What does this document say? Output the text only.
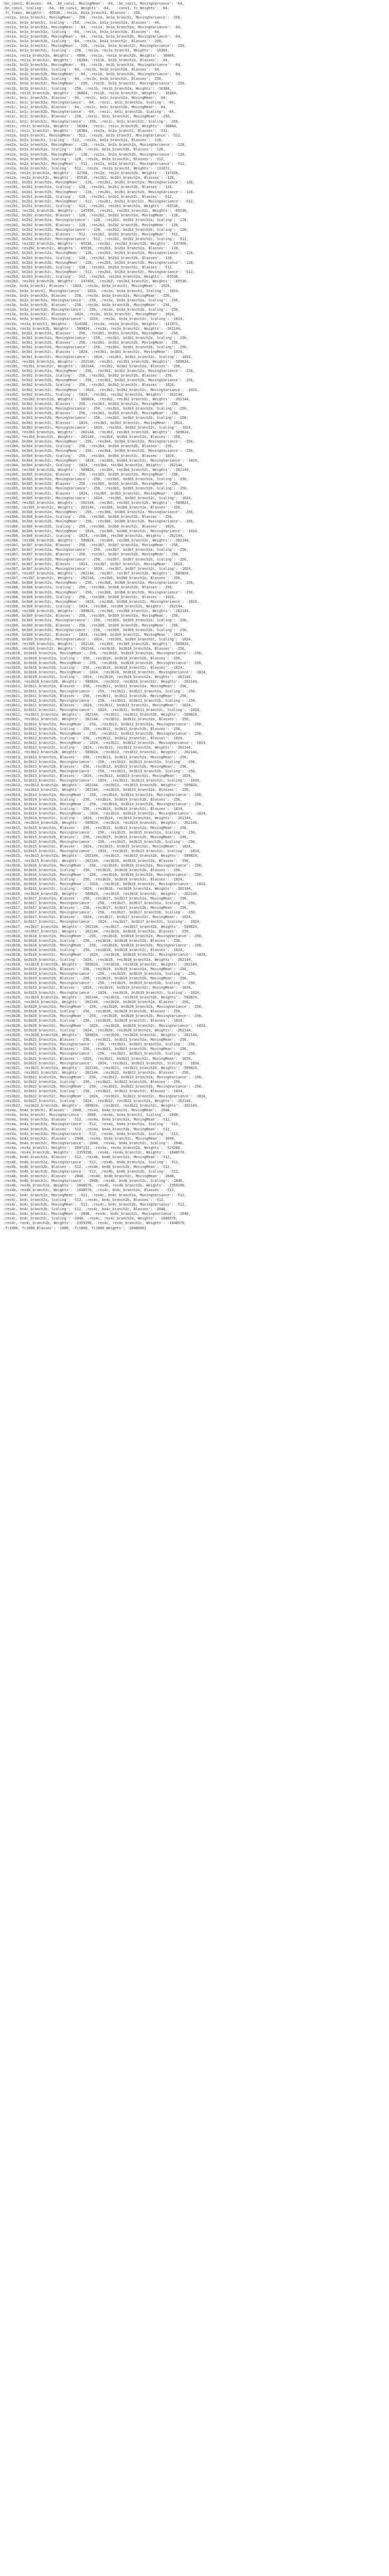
(bn_conv1, Blasses: -64, :bn_conv1, MovingMean': -64, :bn_conv1, MovingVariance': -64,
:bn_conv1, Scaling': -64, :bn_conv1, Weights': -64,   :conv1, fc_Weights': -64,
:fc_fcmax, Weights': -60536, :res1a, bn1a_branch1, Blasses': -256,
:res1a, bn1a_branch1, MovingMean': -256, :res1a, bn1a_branch1, MovingVariance': -256,
:res1a, bn1a_branch1, Scaling': -256, :res1a, bn1a_branch2a, Blasses': -64,
:res1a, bn1a_branch2a, MovingMean': -64, :res1a, bn1a_branch2a, MovingVariance': -64,
:res1a, bn1a_branch2a, Scaling': -64, :res1a, bn1a_branch2b, Blasses': -64,
:res1a, bn1a_branch2b, MovingMean': -64, :res1a, bn1a_branch2b, MovingVariance': -64,
:res1a, bn1a_branch2b, Scaling': -64, :res1a, bn1a_branch2c, Blasses': -256,
:res1a, bn1a_branch2c, MovingMean': -256, :res1a, bn1a_branch2c, MovingVariance': -256,
:res1a, bn1a_branch2c, Scaling': -256, :res1a, res1a_branch1, Weights': -16384,
:res1a, res1a_branch2a, Weights': -4096, :res1a, res1a_branch2b, Weights': -36864,
:res1a, res1a_branch2c, Weights': -16384, :res1b, bn1b_branch2a, Blasses': -64,
:res1b, bn1b_branch2a, MovingMean': -64, :res1b, bn1b_branch2a, MovingVariance': -64,
:res1b, bn1b_branch2a, Scaling': -64, :res1b, bn1b_branch2b, Blasses': -64,
:res1b, bn1b_branch2b, MovingMean': -64, :res1b, bn1b_branch2b, MovingVariance': -64,
:res1b, bn1b_branch2b, Scaling': -64, :res1b, bn1b_branch2c, Blasses': -256,
:res1b, bn1b_branch2c, MovingMean': -256, :res1b, bn1b_branch2c, MovingVariance': -256,
:res1b, bn1b_branch2c, Scaling': -256, :res1b, res1b_branch2a, Weights': -16384,
:res1b, res1b_branch2b, Weights': -36864, :res1b, res1b_branch2c, Weights': -16384,
:res1c, bn1c_branch2a, Blasses': -64, :res1c, bn1c_branch2a, MovingMean': -64,
:res1c, bn1c_branch2a, MovingVariance': -64, :res1c, bn1c_branch2a, Scaling': -64,
:res1c, bn1c_branch2b, Blasses': -64, :res1c, bn1c_branch2b, MovingMean': -64,
:res1c, bn1c_branch2b, MovingVariance': -64, :res1c, bn1c_branch2b, Scaling': -64,
:res1c, bn1c_branch2c, Blasses': -256, :res1c, bn1c_branch2c, MovingMean': -256,
:res1c, bn1c_branch2c, MovingVariance': -256, :res1c, bn1c_branch2c, Scaling': -256,
:res1c, res1c_branch2a, Weights': -16384, :res1c, res1c_branch2b, Weights': -36864,
:res1c, res1c_branch2c, Weights': -16384, :res2a, bn2a_branch1, Blasses': -512,
:res2a, bn2a_branch1, MovingMean': -512, :res2a, bn2a_branch1, MovingVariance': -512,
:res2a, bn2a_branch1, Scaling': -512, :res2a, bn2a_branch2a, Blasses': -128,
:res2a, bn2a_branch2a, MovingMean': -128, :res2a, bn2a_branch2a, MovingVariance': -128,
:res2a, bn2a_branch2a, Scaling': -128, :res2a, bn2a_branch2b, Blasses': -128,
:res2a, bn2a_branch2b, MovingMean': -128, :res2a, bn2a_branch2b, MovingVariance': -128,
:res2a, bn2a_branch2b, Scaling': -128, :res2a, bn2a_branch2c, Blasses': -512,
:res2a, bn2a_branch2c, MovingMean': -512, :res2a, bn2a_branch2c, MovingVariance': -512,
:res2a, bn2a_branch2c, Scaling': -512, :res2a, res2a_branch1, Weights': -131072,
:res2a, res2a_branch2a, Weights': -32768, :res2a, res2a_branch2b, Weights': -147456,
:res2a, res2a_branch2c, Weights': -65536, :res2b1, bn2b1_branch2a, Blasses': -128,
:res2b1, bn2b1_branch2a, MovingMean': -128, :res2b1, bn2b1_branch2a, MovingVariance': -128,
:res2b1, bn2b1_branch2a, Scaling': -128, :res2b1, bn2b1_branch2b, Blasses': -128,
:res2b1, bn2b1_branch2b, MovingMean': -128, :res2b1, bn2b1_branch2b, MovingVariance': -128,
:res2b1, bn2b1_branch2b, Scaling': -128, :res2b1, bn2b1_branch2c, Blasses': -512,
:res2b1, bn2b1_branch2c, MovingMean': -512, :res2b1, bn2b1_branch2c, MovingVariance': -512,
:res2b1, bn2b1_branch2c, Scaling': -512, :res2b1, res2b1_branch2a, Weights': -65536,
:res2b1, res2b1_branch2b, Weights': -147456, :res2b1, res2b1_branch2c, Weights': -65536,
:res2b2, bn2b2_branch2a, Blasses': -128, :res2b2, bn2b2_branch2a, MovingMean': -128,
:res2b2, bn2b2_branch2a, MovingVariance': -128, :res2b2, bn2b2_branch2a, Scaling': -128,
:res2b2, bn2b2_branch2b, Blasses': -128, :res2b2, bn2b2_branch2b, MovingMean': -128,
:res2b2, bn2b2_branch2b, MovingVariance': -128, :res2b2, bn2b2_branch2b, Scaling': -128,
:res2b2, bn2b2_branch2c, Blasses': -512, :res2b2, bn2b2_branch2c, MovingMean': -512,
:res2b2, bn2b2_branch2c, MovingVariance': -512, :res2b2, bn2b2_branch2c, Scaling': -512,
:res2b2, res2b2_branch2a, Weights': -65536, :res2b2, res2b2_branch2b, Weights': -147456,
:res2b2, res2b2_branch2c, Weights': -65536, :res2b3, bn2b3_branch2a, Blasses': -128,
:res2b3, bn2b3_branch2a, MovingMean': -128, :res2b3, bn2b3_branch2a, MovingVariance': -128,
:res2b3, bn2b3_branch2a, Scaling': -128, :res2b3, bn2b3_branch2b, Blasses': -128,
:res2b3, bn2b3_branch2b, MovingMean': -128, :res2b3, bn2b3_branch2b, MovingVariance': -128,
:res2b3, bn2b3_branch2b, Scaling': -128, :res2b3, bn2b3_branch2c, Blasses': -512,
:res2b3, bn2b3_branch2c, MovingMean': -512, :res2b3, bn2b3_branch2c, MovingVariance': -512,
:res2b3, bn2b3_branch2c, Scaling': -512, :res2b3, res2b3_branch2a, Weights': -65536,
:res2b3, res2b3_branch2b, Weights': -147456, :res2b3, res2b3_branch2c, Weights': -65536,
:res3a, bn3a_branch1, Blasses': -1024, :res3a, bn3a_branch1, MovingMean': -1024,
:res3a, bn3a_branch1, MovingVariance': -1024, :res3a, bn3a_branch1, Scaling': -1024,
:res3a, bn3a_branch2a, Blasses': -256, :res3a, bn3a_branch2a, MovingMean': -256,
:res3a, bn3a_branch2a, MovingVariance': -256, :res3a, bn3a_branch2a, Scaling': -256,
:res3a, bn3a_branch2b, Blasses': -256, :res3a, bn3a_branch2b, MovingMean': -256,
:res3a, bn3a_branch2b, MovingVariance': -256, :res3a, bn3a_branch2b, Scaling': -256,
:res3a, bn3a_branch2c, Blasses': -1024, :res3a, bn3a_branch2c, MovingMean': -1024,
:res3a, bn3a_branch2c, MovingVariance': -1024, :res3a, bn3a_branch2c, Scaling': -1024,
:res3a, res3a_branch1, Weights': -524288, :res3a, res3a_branch2a, Weights': -131072,
:res3a, res3a_branch2b, Weights': -589824, :res3a, res3a_branch2c, Weights': -262144,
:res3b1, bn3b1_branch2a, Blasses': -256, :res3b1, bn3b1_branch2a, MovingMean': -256,
:res3b1, bn3b1_branch2a, MovingVariance': -256, :res3b1, bn3b1_branch2a, Scaling': -256,
:res3b1, bn3b1_branch2b, Blasses': -256, :res3b1, bn3b1_branch2b, MovingMean': -256,
:res3b1, bn3b1_branch2b, MovingVariance': -256, :res3b1, bn3b1_branch2b, Scaling': -256,
:res3b1, bn3b1_branch2c, Blasses': -1024, :res3b1, bn3b1_branch2c, MovingMean': -1024,
:res3b1, bn3b1_branch2c, MovingVariance': -1024, :res3b1, bn3b1_branch2c, Scaling': -1024,
:res3b1, res3b1_branch2a, Weights': -262144, :res3b1, res3b1_branch2b, Weights': -589824,
:res3b1, res3b1_branch2c, Weights': -262144, :res3b2, bn3b2_branch2a, Blasses': -256,
:res3b2, bn3b2_branch2a, MovingMean': -256, :res3b2, bn3b2_branch2a, MovingVariance': -256,
:res3b2, bn3b2_branch2a, Scaling': -256, :res3b2, bn3b2_branch2b, Blasses': -256,
:res3b2, bn3b2_branch2b, MovingMean': -256, :res3b2, bn3b2_branch2b, MovingVariance': -256,
:res3b2, bn3b2_branch2b, Scaling': -256, :res3b2, bn3b2_branch2c, Blasses': -1024,
:res3b2, bn3b2_branch2c, MovingMean': -1024, :res3b2, bn3b2_branch2c, MovingVariance': -1024,
:res3b2, bn3b2_branch2c, Scaling': -1024, :res3b2, res3b2_branch2a, Weights': -262144,
:res3b2, res3b2_branch2b, Weights': -589824, :res3b2, res3b2_branch2c, Weights': -262144,
:res3b3, bn3b3_branch2a, Blasses': -256, :res3b3, bn3b3_branch2a, MovingMean': -256,
:res3b3, bn3b3_branch2a, MovingVariance': -256, :res3b3, bn3b3_branch2a, Scaling': -256,
:res3b3, bn3b3_branch2b, Blasses': -256, :res3b3, bn3b3_branch2b, MovingMean': -256,
:res3b3, bn3b3_branch2b, MovingVariance': -256, :res3b3, bn3b3_branch2b, Scaling': -256,
:res3b3, bn3b3_branch2c, Blasses': -1024, :res3b3, bn3b3_branch2c, MovingMean': -1024,
:res3b3, bn3b3_branch2c, MovingVariance': -1024, :res3b3, bn3b3_branch2c, Scaling': -1024,
:res3b3, res3b3_branch2a, Weights': -262144, :res3b3, res3b3_branch2b, Weights': -589824,
:res3b3, res3b3_branch2c, Weights': -262144, :res3b4, bn3b4_branch2a, Blasses': -256,
:res3b4, bn3b4_branch2a, MovingMean': -256, :res3b4, bn3b4_branch2a, MovingVariance': -256,
:res3b4, bn3b4_branch2a, Scaling': -256, :res3b4, bn3b4_branch2b, Blasses': -256,
:res3b4, bn3b4_branch2b, MovingMean': -256, :res3b4, bn3b4_branch2b, MovingVariance': -256,
:res3b4, bn3b4_branch2b, Scaling': -256, :res3b4, bn3b4_branch2c, Blasses': -1024,
:res3b4, bn3b4_branch2c, MovingMean': -1024, :res3b4, bn3b4_branch2c, MovingVariance': -1024,
:res3b4, bn3b4_branch2c, Scaling': -1024, :res3b4, res3b4_branch2a, Weights': -262144,
:res3b4, res3b4_branch2b, Weights': -589824, :res3b4, res3b4_branch2c, Weights': -262144,
:res3b5, bn3b5_branch2a, Blasses': -256, :res3b5, bn3b5_branch2a, MovingMean': -256,
:res3b5, bn3b5_branch2a, MovingVariance': -256, :res3b5, bn3b5_branch2a, Scaling': -256,
:res3b5, bn3b5_branch2b, Blasses': -256, :res3b5, bn3b5_branch2b, MovingMean': -256,
:res3b5, bn3b5_branch2b, MovingVariance': -256, :res3b5, bn3b5_branch2b, Scaling': -256,
:res3b5, bn3b5_branch2c, Blasses': -1024, :res3b5, bn3b5_branch2c, MovingMean': -1024,
:res3b5, bn3b5_branch2c, MovingVariance': -1024, :res3b5, bn3b5_branch2c, Scaling': -1024,
:res3b5, res3b5_branch2a, Weights': -262144, :res3b5, res3b5_branch2b, Weights': -589824,
:res3b5, res3b5_branch2c, Weights': -262144, :res3b6, bn3b6_branch2a, Blasses': -256,
:res3b6, bn3b6_branch2a, MovingMean': -256, :res3b6, bn3b6_branch2a, MovingVariance': -256,
:res3b6, bn3b6_branch2a, Scaling': -256, :res3b6, bn3b6_branch2b, Blasses': -256,
:res3b6, bn3b6_branch2b, MovingMean': -256, :res3b6, bn3b6_branch2b, MovingVariance': -256,
:res3b6, bn3b6_branch2b, Scaling': -256, :res3b6, bn3b6_branch2c, Blasses': -1024,
:res3b6, bn3b6_branch2c, MovingMean': -1024, :res3b6, bn3b6_branch2c, MovingVariance': -1024,
:res3b6, bn3b6_branch2c, Scaling': -1024, :res3b6, res3b6_branch2a, Weights': -262144,
:res3b6, res3b6_branch2b, Weights': -589824, :res3b6, res3b6_branch2c, Weights': -262144,
:res3b7, bn3b7_branch2a, Blasses': -256, :res3b7, bn3b7_branch2a, MovingMean': -256,
:res3b7, bn3b7_branch2a, MovingVariance': -256, :res3b7, bn3b7_branch2a, Scaling': -256,
:res3b7, bn3b7_branch2b, Blasses': -256, :res3b7, bn3b7_branch2b, MovingMean': -256,
:res3b7, bn3b7_branch2b, MovingVariance': -256, :res3b7, bn3b7_branch2b, Scaling': -256,
:res3b7, bn3b7_branch2c, Blasses': -1024, :res3b7, bn3b7_branch2c, MovingMean': -1024,
:res3b7, bn3b7_branch2c, MovingVariance': -1024, :res3b7, bn3b7_branch2c, Scaling': -1024,
:res3b7, res3b7_branch2a, Weights': -262144, :res3b7, res3b7_branch2b, Weights': -589824,
:res3b7, res3b7_branch2c, Weights': -262144, :res3b8, bn3b8_branch2a, Blasses': -256,
:res3b8, bn3b8_branch2a, MovingMean': -256, :res3b8, bn3b8_branch2a, MovingVariance': -256,
:res3b8, bn3b8_branch2a, Scaling': -256, :res3b8, bn3b8_branch2b, Blasses': -256,
:res3b8, bn3b8_branch2b, MovingMean': -256, :res3b8, bn3b8_branch2b, MovingVariance': -256,
:res3b8, bn3b8_branch2b, Scaling': -256, :res3b8, bn3b8_branch2c, Blasses': -1024,
:res3b8, bn3b8_branch2c, MovingMean': -1024, :res3b8, bn3b8_branch2c, MovingVariance': -1024,
:res3b8, bn3b8_branch2c, Scaling': -1024, :res3b8, res3b8_branch2a, Weights': -262144,
:res3b8, res3b8_branch2b, Weights': -589824, :res3b8, res3b8_branch2c, Weights': -262144,
:res3b9, bn3b9_branch2a, Blasses': -256, :res3b9, bn3b9_branch2a, MovingMean': -256,
:res3b9, bn3b9_branch2a, MovingVariance': -256, :res3b9, bn3b9_branch2a, Scaling': -256,
:res3b9, bn3b9_branch2b, Blasses': -256, :res3b9, bn3b9_branch2b, MovingMean': -256,
:res3b9, bn3b9_branch2b, MovingVariance': -256, :res3b9, bn3b9_branch2b, Scaling': -256,
:res3b9, bn3b9_branch2c, Blasses': -1024, :res3b9, bn3b9_branch2c, MovingMean': -1024,
:res3b9, bn3b9_branch2c, MovingVariance': -1024, :res3b9, bn3b9_branch2c, Scaling': -1024,
:res3b9, res3b9_branch2a, Weights': -262144, :res3b9, res3b9_branch2b, Weights': -589824,
:res3b9, res3b9_branch2c, Weights': -262144, :res3b10, bn3b10_branch2a, Blasses': -256,
:res3b10, bn3b10_branch2a, MovingMean': -256, :res3b10, bn3b10_branch2a, MovingVariance': -256,
:res3b10, bn3b10_branch2a, Scaling': -256, :res3b10, bn3b10_branch2b, Blasses': -256,
:res3b10, bn3b10_branch2b, MovingMean': -256, :res3b10, bn3b10_branch2b, MovingVariance': -256,
:res3b10, bn3b10_branch2b, Scaling': -256, :res3b10, bn3b10_branch2c, Blasses': -1024,
:res3b10, bn3b10_branch2c, MovingMean': -1024, :res3b10, bn3b10_branch2c, MovingVariance': -1024,
:res3b10, bn3b10_branch2c, Scaling': -1024, :res3b10, res3b10_branch2a, Weights': -262144,
:res3b10, res3b10_branch2b, Weights': -589824, :res3b10, res3b10_branch2c, Weights': -262144,
:res3b11, bn3b11_branch2a, Blasses': -256, :res3b11, bn3b11_branch2a, MovingMean': -256,
:res3b11, bn3b11_branch2a, MovingVariance': -256, :res3b11, bn3b11_branch2a, Scaling': -256,
:res3b11, bn3b11_branch2b, Blasses': -256, :res3b11, bn3b11_branch2b, MovingMean': -256,
:res3b11, bn3b11_branch2b, MovingVariance': -256, :res3b11, bn3b11_branch2b, Scaling': -256,
:res3b11, bn3b11_branch2c, Blasses': -1024, :res3b11, bn3b11_branch2c, MovingMean': -1024,
:res3b11, bn3b11_branch2c, MovingVariance': -1024, :res3b11, bn3b11_branch2c, Scaling': -1024,
:res3b11, res3b11_branch2a, Weights': -262144, :res3b11, res3b11_branch2b, Weights': -589824,
:res3b11, res3b11_branch2c, Weights': -262144, :res3b12, bn3b12_branch2a, Blasses': -256,
:res3b12, bn3b12_branch2a, MovingMean': -256, :res3b12, bn3b12_branch2a, MovingVariance': -256,
:res3b12, bn3b12_branch2a, Scaling': -256, :res3b12, bn3b12_branch2b, Blasses': -256,
:res3b12, bn3b12_branch2b, MovingMean': -256, :res3b12, bn3b12_branch2b, MovingVariance': -256,
:res3b12, bn3b12_branch2b, Scaling': -256, :res3b12, bn3b12_branch2c, Blasses': -1024,
:res3b12, bn3b12_branch2c, MovingMean': -1024, :res3b12, bn3b12_branch2c, MovingVariance': -1024,
:res3b12, bn3b12_branch2c, Scaling': -1024, :res3b12, res3b12_branch2a, Weights': -262144,
:res3b12, res3b12_branch2b, Weights': -589824, :res3b12, res3b12_branch2c, Weights': -262144,
:res3b13, bn3b13_branch2a, Blasses': -256, :res3b13, bn3b13_branch2a, MovingMean': -256,
:res3b13, bn3b13_branch2a, MovingVariance': -256, :res3b13, bn3b13_branch2a, Scaling': -256,
:res3b13, bn3b13_branch2b, Blasses': -256, :res3b13, bn3b13_branch2b, MovingMean': -256,
:res3b13, bn3b13_branch2b, MovingVariance': -256, :res3b13, bn3b13_branch2b, Scaling': -256,
:res3b13, bn3b13_branch2c, Blasses': -1024, :res3b13, bn3b13_branch2c, MovingMean': -1024,
:res3b13, bn3b13_branch2c, MovingVariance': -1024, :res3b13, bn3b13_branch2c, Scaling': -1024,
:res3b13, res3b13_branch2a, Weights': -262144, :res3b13, res3b13_branch2b, Weights': -589824,
:res3b13, res3b13_branch2c, Weights': -262144, :res3b14, bn3b14_branch2a, Blasses': -256,
:res3b14, bn3b14_branch2a, MovingMean': -256, :res3b14, bn3b14_branch2a, MovingVariance': -256,
:res3b14, bn3b14_branch2a, Scaling': -256, :res3b14, bn3b14_branch2b, Blasses': -256,
:res3b14, bn3b14_branch2b, MovingMean': -256, :res3b14, bn3b14_branch2b, MovingVariance': -256,
:res3b14, bn3b14_branch2b, Scaling': -256, :res3b14, bn3b14_branch2c, Blasses': -1024,
:res3b14, bn3b14_branch2c, MovingMean': -1024, :res3b14, bn3b14_branch2c, MovingVariance': -1024,
:res3b14, bn3b14_branch2c, Scaling': -1024, :res3b14, res3b14_branch2a, Weights': -262144,
:res3b14, res3b14_branch2b, Weights': -589824, :res3b14, res3b14_branch2c, Weights': -262144,
:res3b15, bn3b15_branch2a, Blasses': -256, :res3b15, bn3b15_branch2a, MovingMean': -256,
:res3b15, bn3b15_branch2a, MovingVariance': -256, :res3b15, bn3b15_branch2a, Scaling': -256,
:res3b15, bn3b15_branch2b, Blasses': -256, :res3b15, bn3b15_branch2b, MovingMean': -256,
:res3b15, bn3b15_branch2b, MovingVariance': -256, :res3b15, bn3b15_branch2b, Scaling': -256,
:res3b15, bn3b15_branch2c, Blasses': -1024, :res3b15, bn3b15_branch2c, MovingMean': -1024,
:res3b15, bn3b15_branch2c, MovingVariance': -1024, :res3b15, bn3b15_branch2c, Scaling': -1024,
:res3b15, res3b15_branch2a, Weights': -262144, :res3b15, res3b15_branch2b, Weights': -589824,
:res3b15, res3b15_branch2c, Weights': -262144, :res3b16, bn3b16_branch2a, Blasses': -256,
:res3b16, bn3b16_branch2a, MovingMean': -256, :res3b16, bn3b16_branch2a, MovingVariance': -256,
:res3b16, bn3b16_branch2a, Scaling': -256, :res3b16, bn3b16_branch2b, Blasses': -256,
:res3b16, bn3b16_branch2b, MovingMean': -256, :res3b16, bn3b16_branch2b, MovingVariance': -256,
:res3b16, bn3b16_branch2b, Scaling': -256, :res3b16, bn3b16_branch2c, Blasses': -1024,
:res3b16, bn3b16_branch2c, MovingMean': -1024, :res3b16, bn3b16_branch2c, MovingVariance': -1024,
:res3b16, bn3b16_branch2c, Scaling': -1024, :res3b16, res3b16_branch2a, Weights': -262144,
:res3b16, res3b16_branch2b, Weights': -589824, :res3b16, res3b16_branch2c, Weights': -262144,
:res3b17, bn3b17_branch2a, Blasses': -256, :res3b17, bn3b17_branch2a, MovingMean': -256,
:res3b17, bn3b17_branch2a, MovingVariance': -256, :res3b17, bn3b17_branch2a, Scaling': -256,
:res3b17, bn3b17_branch2b, Blasses': -256, :res3b17, bn3b17_branch2b, MovingMean': -256,
:res3b17, bn3b17_branch2b, MovingVariance': -256, :res3b17, bn3b17_branch2b, Scaling': -256,
:res3b17, bn3b17_branch2c, Blasses': -1024, :res3b17, bn3b17_branch2c, MovingMean': -1024,
:res3b17, bn3b17_branch2c, MovingVariance': -1024, :res3b17, bn3b17_branch2c, Scaling': -1024,
:res3b17, res3b17_branch2a, Weights': -262144, :res3b17, res3b17_branch2b, Weights': -589824,
:res3b17, res3b17_branch2c, Weights': -262144, :res3b18, bn3b18_branch2a, Blasses': -256,
:res3b18, bn3b18_branch2a, MovingMean': -256, :res3b18, bn3b18_branch2a, MovingVariance': -256,
:res3b18, bn3b18_branch2a, Scaling': -256, :res3b18, bn3b18_branch2b, Blasses': -256,
:res3b18, bn3b18_branch2b, MovingMean': -256, :res3b18, bn3b18_branch2b, MovingVariance': -256,
:res3b18, bn3b18_branch2b, Scaling': -256, :res3b18, bn3b18_branch2c, Blasses': -1024,
:res3b18, bn3b18_branch2c, MovingMean': -1024, :res3b18, bn3b18_branch2c, MovingVariance': -1024,
:res3b18, bn3b18_branch2c, Scaling': -1024, :res3b18, res3b18_branch2a, Weights': -262144,
:res3b18, res3b18_branch2b, Weights': -589824, :res3b18, res3b18_branch2c, Weights': -262144,
:res3b19, bn3b19_branch2a, Blasses': -256, :res3b19, bn3b19_branch2a, MovingMean': -256,
:res3b19, bn3b19_branch2a, MovingVariance': -256, :res3b19, bn3b19_branch2a, Scaling': -256,
:res3b19, bn3b19_branch2b, Blasses': -256, :res3b19, bn3b19_branch2b, MovingMean': -256,
:res3b19, bn3b19_branch2b, MovingVariance': -256, :res3b19, bn3b19_branch2b, Scaling': -256,
:res3b19, bn3b19_branch2c, Blasses': -1024, :res3b19, bn3b19_branch2c, MovingMean': -1024,
:res3b19, bn3b19_branch2c, MovingVariance': -1024, :res3b19, bn3b19_branch2c, Scaling': -1024,
:res3b19, res3b19_branch2a, Weights': -262144, :res3b19, res3b19_branch2b, Weights': -589824,
:res3b19, res3b19_branch2c, Weights': -262144, :res3b20, bn3b20_branch2a, Blasses': -256,
:res3b20, bn3b20_branch2a, MovingMean': -256, :res3b20, bn3b20_branch2a, MovingVariance': -256,
:res3b20, bn3b20_branch2a, Scaling': -256, :res3b20, bn3b20_branch2b, Blasses': -256,
:res3b20, bn3b20_branch2b, MovingMean': -256, :res3b20, bn3b20_branch2b, MovingVariance': -256,
:res3b20, bn3b20_branch2b, Scaling': -256, :res3b20, bn3b20_branch2c, Blasses': -1024,
:res3b20, bn3b20_branch2c, MovingMean': -1024, :res3b20, bn3b20_branch2c, MovingVariance': -1024,
:res3b20, bn3b20_branch2c, Scaling': -1024, :res3b20, res3b20_branch2a, Weights': -262144,
:res3b20, res3b20_branch2b, Weights': -589824, :res3b20, res3b20_branch2c, Weights': -262144,
:res3b21, bn3b21_branch2a, Blasses': -256, :res3b21, bn3b21_branch2a, MovingMean': -256,
:res3b21, bn3b21_branch2a, MovingVariance': -256, :res3b21, bn3b21_branch2a, Scaling': -256,
:res3b21, bn3b21_branch2b, Blasses': -256, :res3b21, bn3b21_branch2b, MovingMean': -256,
:res3b21, bn3b21_branch2b, MovingVariance': -256, :res3b21, bn3b21_branch2b, Scaling': -256,
:res3b21, bn3b21_branch2c, Blasses': -1024, :res3b21, bn3b21_branch2c, MovingMean': -1024,
:res3b21, bn3b21_branch2c, MovingVariance': -1024, :res3b21, bn3b21_branch2c, Scaling': -1024,
:res3b21, res3b21_branch2a, Weights': -262144, :res3b21, res3b21_branch2b, Weights': -589824,
:res3b21, res3b21_branch2c, Weights': -262144, :res3b22, bn3b22_branch2a, Blasses': -256,
:res3b22, bn3b22_branch2a, MovingMean': -256, :res3b22, bn3b22_branch2a, MovingVariance': -256,
:res3b22, bn3b22_branch2a, Scaling': -256, :res3b22, bn3b22_branch2b, Blasses': -256,
:res3b22, bn3b22_branch2b, MovingMean': -256, :res3b22, bn3b22_branch2b, MovingVariance': -256,
:res3b22, bn3b22_branch2b, Scaling': -256, :res3b22, bn3b22_branch2c, Blasses': -1024,
:res3b22, bn3b22_branch2c, MovingMean': -1024, :res3b22, bn3b22_branch2c, MovingVariance': -1024,
:res3b22, bn3b22_branch2c, Scaling': -1024, :res3b22, res3b22_branch2a, Weights': -262144,
:res3b22, res3b22_branch2b, Weights': -589824, :res3b22, res3b22_branch2c, Weights': -262144,
:res4a, bn4a_branch1, Blasses': -2048, :res4a, bn4a_branch1, MovingMean': -2048,
:res4a, bn4a_branch1, MovingVariance': -2048, :res4a, bn4a_branch1, Scaling': -2048,
:res4a, bn4a_branch2a, Blasses': -512, :res4a, bn4a_branch2a, MovingMean': -512,
:res4a, bn4a_branch2a, MovingVariance': -512, :res4a, bn4a_branch2a, Scaling': -512,
:res4a, bn4a_branch2b, Blasses': -512, :res4a, bn4a_branch2b, MovingMean': -512,
:res4a, bn4a_branch2b, MovingVariance': -512, :res4a, bn4a_branch2b, Scaling': -512,
:res4a, bn4a_branch2c, Blasses': -2048, :res4a, bn4a_branch2c, MovingMean': -2048,
:res4a, bn4a_branch2c, MovingVariance': -2048, :res4a, bn4a_branch2c, Scaling': -2048,
:res4a, res4a_branch1, Weights': -2097152, :res4a, res4a_branch2a, Weights': -524288,
:res4a, res4a_branch2b, Weights': -2359296, :res4a, res4a_branch2c, Weights': -1048576,
:res4b, bn4b_branch2a, Blasses': -512, :res4b, bn4b_branch2a, MovingMean': -512,
:res4b, bn4b_branch2a, MovingVariance': -512, :res4b, bn4b_branch2a, Scaling': -512,
:res4b, bn4b_branch2b, Blasses': -512, :res4b, bn4b_branch2b, MovingMean': -512,
:res4b, bn4b_branch2b, MovingVariance': -512, :res4b, bn4b_branch2b, Scaling': -512,
:res4b, bn4b_branch2c, Blasses': -2048, :res4b, bn4b_branch2c, MovingMean': -2048,
:res4b, bn4b_branch2c, MovingVariance': -2048, :res4b, bn4b_branch2c, Scaling': -2048,
:res4b, res4b_branch2a, Weights': -1048576, :res4b, res4b_branch2b, Weights': -2359296,
:res4b, res4b_branch2c, Weights': -1048576, :res4c, bn4c_branch2a, Blasses': -512,
:res4c, bn4c_branch2a, MovingMean': -512, :res4c, bn4c_branch2a, MovingVariance': -512,
:res4c, bn4c_branch2a, Scaling': -512, :res4c, bn4c_branch2b, Blasses': -512,
:res4c, bn4c_branch2b, MovingMean': -512, :res4c, bn4c_branch2b, MovingVariance': -512,
:res4c, bn4c_branch2b, Scaling': -512, :res4c, bn4c_branch2c, Blasses': -2048,
:res4c, bn4c_branch2c, MovingMean': -2048, :res4c, bn4c_branch2c, MovingVariance': -2048,
:res4c, bn4c_branch2c, Scaling': -2048, :res4c, res4c_branch2a, Weights': -1048576,
:res4c, res4c_branch2b, Weights': -2359296, :res4c, res4c_branch2c, Weights': -1048576,
:fc1000, fc1000_Blasses': -1000, :fc1000, fc1000_Weights': -2048000}
